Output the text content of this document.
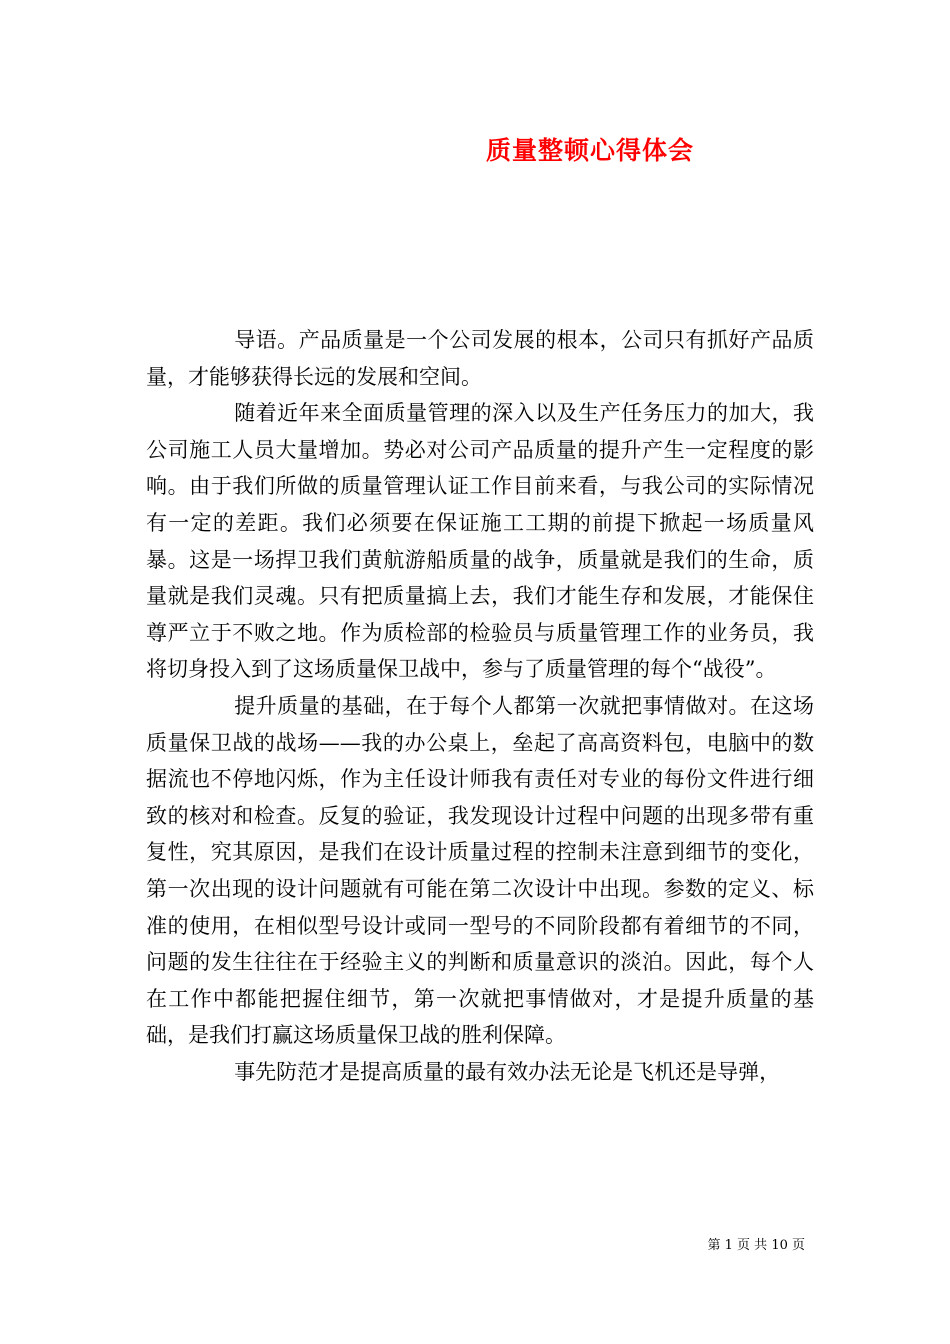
质量整顿心得体会

导语。产品质量是一个公司发展的根本，公司只有抓好产品质量，才能够获得长远的发展和空间。

随着近年来全面质量管理的深入以及生产任务压力的加大，我公司施工人员大量增加。势必对公司产品质量的提升产生一定程度的影响。由于我们所做的质量管理认证工作目前来看，与我公司的实际情况有一定的差距。我们必须要在保证施工工期的前提下掀起一场质量风暴。这是一场捍卫我们黄航游船质量的战争，质量就是我们的生命，质量就是我们灵魂。只有把质量搞上去，我们才能生存和发展，才能保住尊严立于不败之地。作为质检部的检验员与质量管理工作的业务员，我将切身投入到了这场质量保卫战中，参与了质量管理的每个“战役”。

提升质量的基础，在于每个人都第一次就把事情做对。在这场质量保卫战的战场——我的办公桌上，垒起了高高资料包，电脑中的数据流也不停地闪烁，作为主任设计师我有责任对专业的每份文件进行细致的核对和检查。反复的验证，我发现设计过程中问题的出现多带有重复性，究其原因，是我们在设计质量过程的控制未注意到细节的变化，第一次出现的设计问题就有可能在第二次设计中出现。参数的定义、标准的使用，在相似型号设计或同一型号的不同阶段都有着细节的不同，问题的发生往往在于经验主义的判断和质量意识的淡泊。因此，每个人在工作中都能把握住细节，第一次就把事情做对，才是提升质量的基础，是我们打赢这场质量保卫战的胜利保障。

事先防范才是提高质量的最有效办法无论是飞机还是导弹，

第 1 页 共 10 页
